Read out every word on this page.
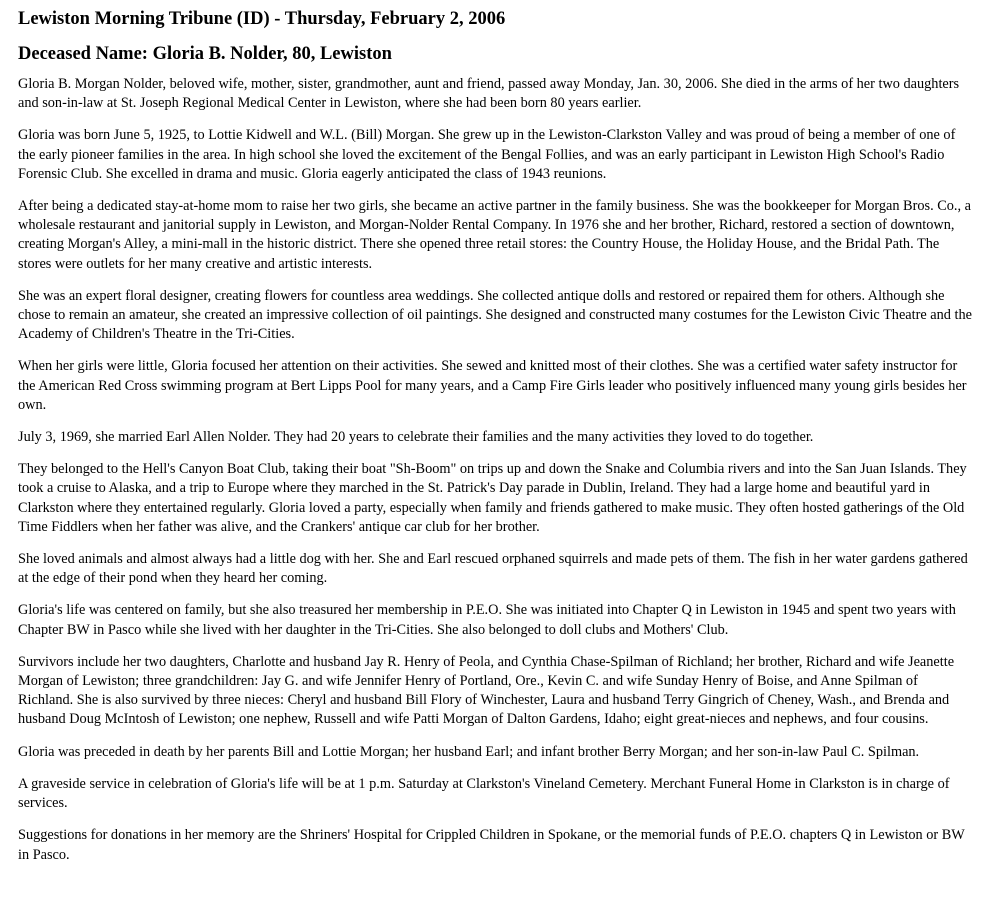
Lewiston Morning Tribune (ID) - Thursday, February 2, 2006
Deceased Name: Gloria B. Nolder, 80, Lewiston

Gloria B. Morgan Nolder, beloved wife, mother, sister, grandmother, aunt and friend, passed away Monday, Jan. 30, 2006. She died in the arms of her two daughters and son-in-law at St. Joseph Regional Medical Center in Lewiston, where she had been born 80 years earlier.

Gloria was born June 5, 1925, to Lottie Kidwell and W.L. (Bill) Morgan. She grew up in the Lewiston-Clarkston Valley and was proud of being a member of one of the early pioneer families in the area. In high school she loved the excitement of the Bengal Follies, and was an early participant in Lewiston High School's Radio Forensic Club. She excelled in drama and music. Gloria eagerly anticipated the class of 1943 reunions.

After being a dedicated stay-at-home mom to raise her two girls, she became an active partner in the family business. She was the bookkeeper for Morgan Bros. Co., a wholesale restaurant and janitorial supply in Lewiston, and Morgan-Nolder Rental Company. In 1976 she and her brother, Richard, restored a section of downtown, creating Morgan's Alley, a mini-mall in the historic district. There she opened three retail stores: the Country House, the Holiday House, and the Bridal Path. The stores were outlets for her many creative and artistic interests.

She was an expert floral designer, creating flowers for countless area weddings. She collected antique dolls and restored or repaired them for others. Although she chose to remain an amateur, she created an impressive collection of oil paintings. She designed and constructed many costumes for the Lewiston Civic Theatre and the Academy of Children's Theatre in the Tri-Cities.

When her girls were little, Gloria focused her attention on their activities. She sewed and knitted most of their clothes. She was a certified water safety instructor for the American Red Cross swimming program at Bert Lipps Pool for many years, and a Camp Fire Girls leader who positively influenced many young girls besides her own.

July 3, 1969, she married Earl Allen Nolder. They had 20 years to celebrate their families and the many activities they loved to do together.

They belonged to the Hell's Canyon Boat Club, taking their boat "Sh-Boom" on trips up and down the Snake and Columbia rivers and into the San Juan Islands. They took a cruise to Alaska, and a trip to Europe where they marched in the St. Patrick's Day parade in Dublin, Ireland. They had a large home and beautiful yard in Clarkston where they entertained regularly. Gloria loved a party, especially when family and friends gathered to make music. They often hosted gatherings of the Old Time Fiddlers when her father was alive, and the Crankers' antique car club for her brother.

She loved animals and almost always had a little dog with her. She and Earl rescued orphaned squirrels and made pets of them. The fish in her water gardens gathered at the edge of their pond when they heard her coming.

Gloria's life was centered on family, but she also treasured her membership in P.E.O. She was initiated into Chapter Q in Lewiston in 1945 and spent two years with Chapter BW in Pasco while she lived with her daughter in the Tri-Cities. She also belonged to doll clubs and Mothers' Club.

Survivors include her two daughters, Charlotte and husband Jay R. Henry of Peola, and Cynthia Chase-Spilman of Richland; her brother, Richard and wife Jeanette Morgan of Lewiston; three grandchildren: Jay G. and wife Jennifer Henry of Portland, Ore., Kevin C. and wife Sunday Henry of Boise, and Anne Spilman of Richland. She is also survived by three nieces: Cheryl and husband Bill Flory of Winchester, Laura and husband Terry Gingrich of Cheney, Wash., and Brenda and husband Doug McIntosh of Lewiston; one nephew, Russell and wife Patti Morgan of Dalton Gardens, Idaho; eight great-nieces and nephews, and four cousins.

Gloria was preceded in death by her parents Bill and Lottie Morgan; her husband Earl; and infant brother Berry Morgan; and her son-in-law Paul C. Spilman.

A graveside service in celebration of Gloria's life will be at 1 p.m. Saturday at Clarkston's Vineland Cemetery. Merchant Funeral Home in Clarkston is in charge of services.

Suggestions for donations in her memory are the Shriners' Hospital for Crippled Children in Spokane, or the memorial funds of P.E.O. chapters Q in Lewiston or BW in Pasco.
